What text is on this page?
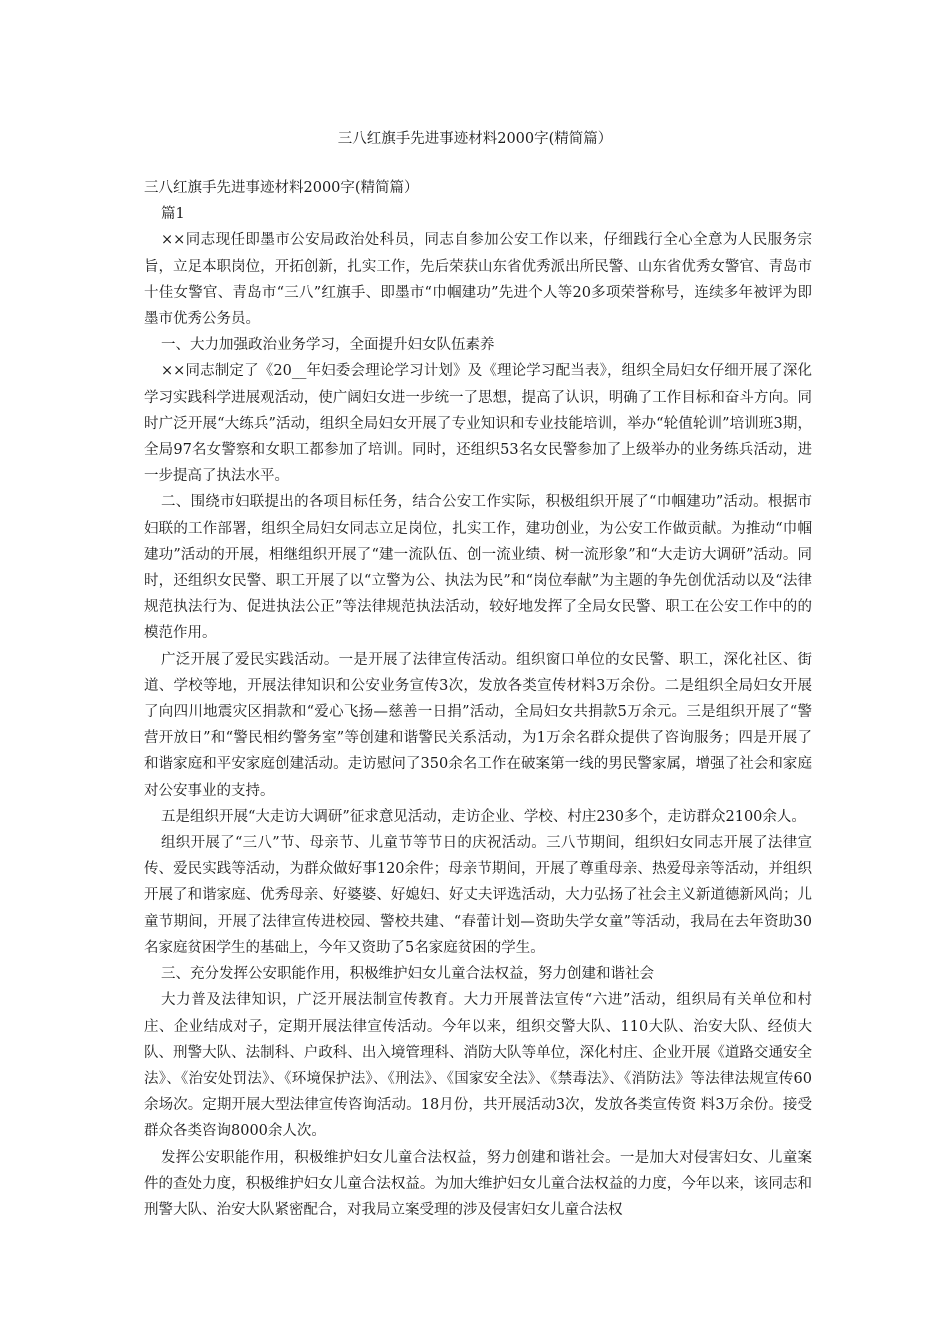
三八红旗手先进事迹材料2000字(精简篇）

三八红旗手先进事迹材料2000字(精简篇）

篇1

××同志现任即墨市公安局政治处科员，同志自参加公安工作以来，仔细践行全心全意为人民服务宗旨，立足本职岗位，开拓创新，扎实工作，先后荣获山东省优秀派出所民警、山东省优秀女警官、青岛市十佳女警官、青岛市“三八”红旗手、即墨市“巾帼建功”先进个人等20多项荣誉称号，连续多年被评为即墨市优秀公务员。

一、大力加强政治业务学习，全面提升妇女队伍素养

××同志制定了《20__年妇委会理论学习计划》及《理论学习配当表》，组织全局妇女仔细开展了深化学习实践科学进展观活动，使广阔妇女进一步统一了思想，提高了认识，明确了工作目标和奋斗方向。同时广泛开展“大练兵”活动，组织全局妇女开展了专业知识和专业技能培训，举办“轮值轮训”培训班3期，全局97名女警察和女职工都参加了培训。同时，还组织53名女民警参加了上级举办的业务练兵活动，进一步提高了执法水平。

二、围绕市妇联提出的各项目标任务，结合公安工作实际，积极组织开展了“巾帼建功”活动。根据市妇联的工作部署，组织全局妇女同志立足岗位，扎实工作，建功创业，为公安工作做贡献。为推动“巾帼建功”活动的开展，相继组织开展了“建一流队伍、创一流业绩、树一流形象”和“大走访大调研”活动。同时，还组织女民警、职工开展了以“立警为公、执法为民”和“岗位奉献”为主题的争先创优活动以及“法律规范执法行为、促进执法公正”等法律规范执法活动，较好地发挥了全局女民警、职工在公安工作中的的模范作用。

广泛开展了爱民实践活动。一是开展了法律宣传活动。组织窗口单位的女民警、职工，深化社区、街道、学校等地，开展法律知识和公安业务宣传3次，发放各类宣传材料3万余份。二是组织全局妇女开展了向四川地震灾区捐款和“爱心飞扬—慈善一日捐”活动，全局妇女共捐款5万余元。三是组织开展了“警营开放日”和“警民相约警务室”等创建和谐警民关系活动，为1万余名群众提供了咨询服务；四是开展了和谐家庭和平安家庭创建活动。走访慰问了350余名工作在破案第一线的男民警家属，增强了社会和家庭对公安事业的支持。

五是组织开展“大走访大调研”征求意见活动，走访企业、学校、村庄230多个，走访群众2100余人。

组织开展了“三八”节、母亲节、儿童节等节日的庆祝活动。三八节期间，组织妇女同志开展了法律宣传、爱民实践等活动，为群众做好事120余件；母亲节期间，开展了尊重母亲、热爱母亲等活动，并组织开展了和谐家庭、优秀母亲、好婆婆、好媳妇、好丈夫评选活动，大力弘扬了社会主义新道德新风尚；儿童节期间，开展了法律宣传进校园、警校共建、“春蕾计划—资助失学女童”等活动，我局在去年资助30名家庭贫困学生的基础上，今年又资助了5名家庭贫困的学生。

三、充分发挥公安职能作用，积极维护妇女儿童合法权益，努力创建和谐社会

大力普及法律知识，广泛开展法制宣传教育。大力开展普法宣传“六进”活动，组织局有关单位和村庄、企业结成对子，定期开展法律宣传活动。今年以来，组织交警大队、110大队、治安大队、经侦大队、刑警大队、法制科、户政科、出入境管理科、消防大队等单位，深化村庄、企业开展《道路交通安全法》、《治安处罚法》、《环境保护法》、《刑法》、《国家安全法》、《禁毒法》、《消防法》等法律法规宣传60余场次。定期开展大型法律宣传咨询活动。18月份，共开展活动3次，发放各类宣传资 料3万余份。接受群众各类咨询8000余人次。

发挥公安职能作用，积极维护妇女儿童合法权益，努力创建和谐社会。一是加大对侵害妇女、儿童案件的查处力度，积极维护妇女儿童合法权益。为加大维护妇女儿童合法权益的力度，今年以来，该同志和刑警大队、治安大队紧密配合，对我局立案受理的涉及侵害妇女儿童合法权
